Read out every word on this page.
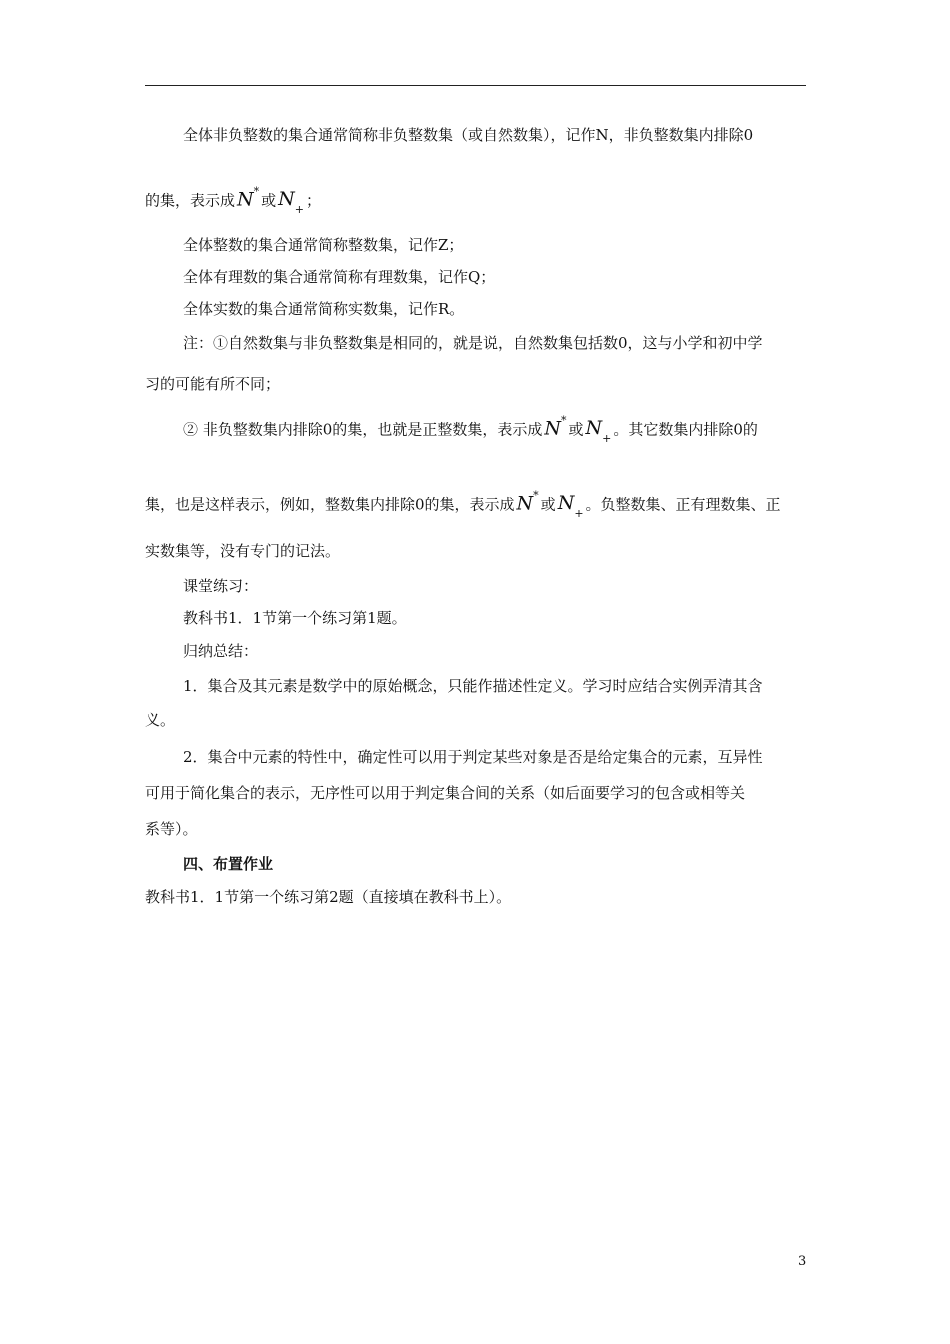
全体非负整数的集合通常简称非负整数集（或自然数集），记作N，非负整数集内排除0
的集，表示成 N* 或 $N_+$；
全体整数的集合通常简称整数集，记作Z；
全体有理数的集合通常简称有理数集，记作Q；
全体实数的集合通常简称实数集，记作R。
注：①自然数集与非负整数集是相同的，就是说，自然数集包括数0，这与小学和初中学
习的可能有所不同；
② 非负整数集内排除0的集，也就是正整数集，表示成 N* 或 $N_+$。其它数集内排除0的
集，也是这样表示，例如，整数集内排除0的集，表示成 N* 或 $N_+$。负整数集、正有理数集、正
实数集等，没有专门的记法。
课堂练习：
教科书1．1节第一个练习第1题。
归纳总结：
1．集合及其元素是数学中的原始概念，只能作描述性定义。学习时应结合实例弄清其含
义。
2．集合中元素的特性中，确定性可以用于判定某些对象是否是给定集合的元素，互异性
可用于简化集合的表示，无序性可以用于判定集合间的关系（如后面要学习的包含或相等关
系等）。
四、布置作业
教科书1．1节第一个练习第2题（直接填在教科书上）。
3
